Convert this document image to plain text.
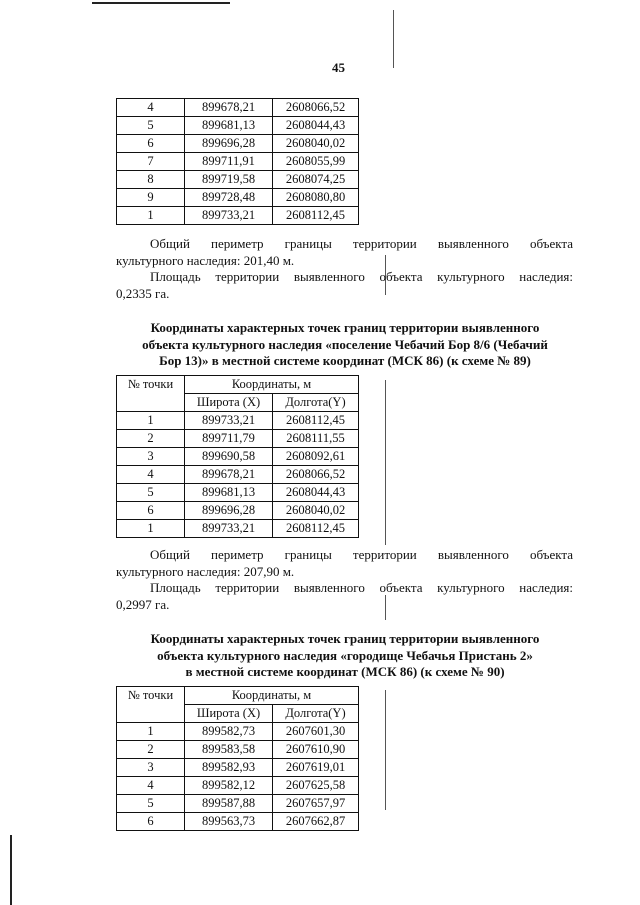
45
4	899678,21	2608066,52
5	899681,13	2608044,43
6	899696,28	2608040,02
7	899711,91	2608055,99
8	899719,58	2608074,25
9	899728,48	2608080,80
1	899733,21	2608112,45

Общий периметр границы территории выявленного объекта

культурного наследия: 201,40 м.

Площадь территории выявленного объекта культурного наследия:

0,2335 га.

Координаты характерных точек границ территории выявленного
объекта культурного наследия «поселение Чебачий Бор 8/6 (Чебачий
Бор 13)» в местной системе координат (МСК 86) (к схеме № 89)
№ точки	Координаты, м	
	Широта (X)	Долгота(Y)
1	899733,21	2608112,45
2	899711,79	2608111,55
3	899690,58	2608092,61
4	899678,21	2608066,52
5	899681,13	2608044,43
6	899696,28	2608040,02
1	899733,21	2608112,45

Общий периметр границы территории выявленного объекта

культурного наследия: 207,90 м.

Площадь территории выявленного объекта культурного наследия:

0,2997 га.

Координаты характерных точек границ территории выявленного
объекта культурного наследия «городище Чебачья Пристань 2»
в местной системе координат (МСК 86) (к схеме № 90)
№ точки	Координаты, м	
	Широта (X)	Долгота(Y)
1	899582,73	2607601,30
2	899583,58	2607610,90
3	899582,93	2607619,01
4	899582,12	2607625,58
5	899587,88	2607657,97
6	899563,73	2607662,87
